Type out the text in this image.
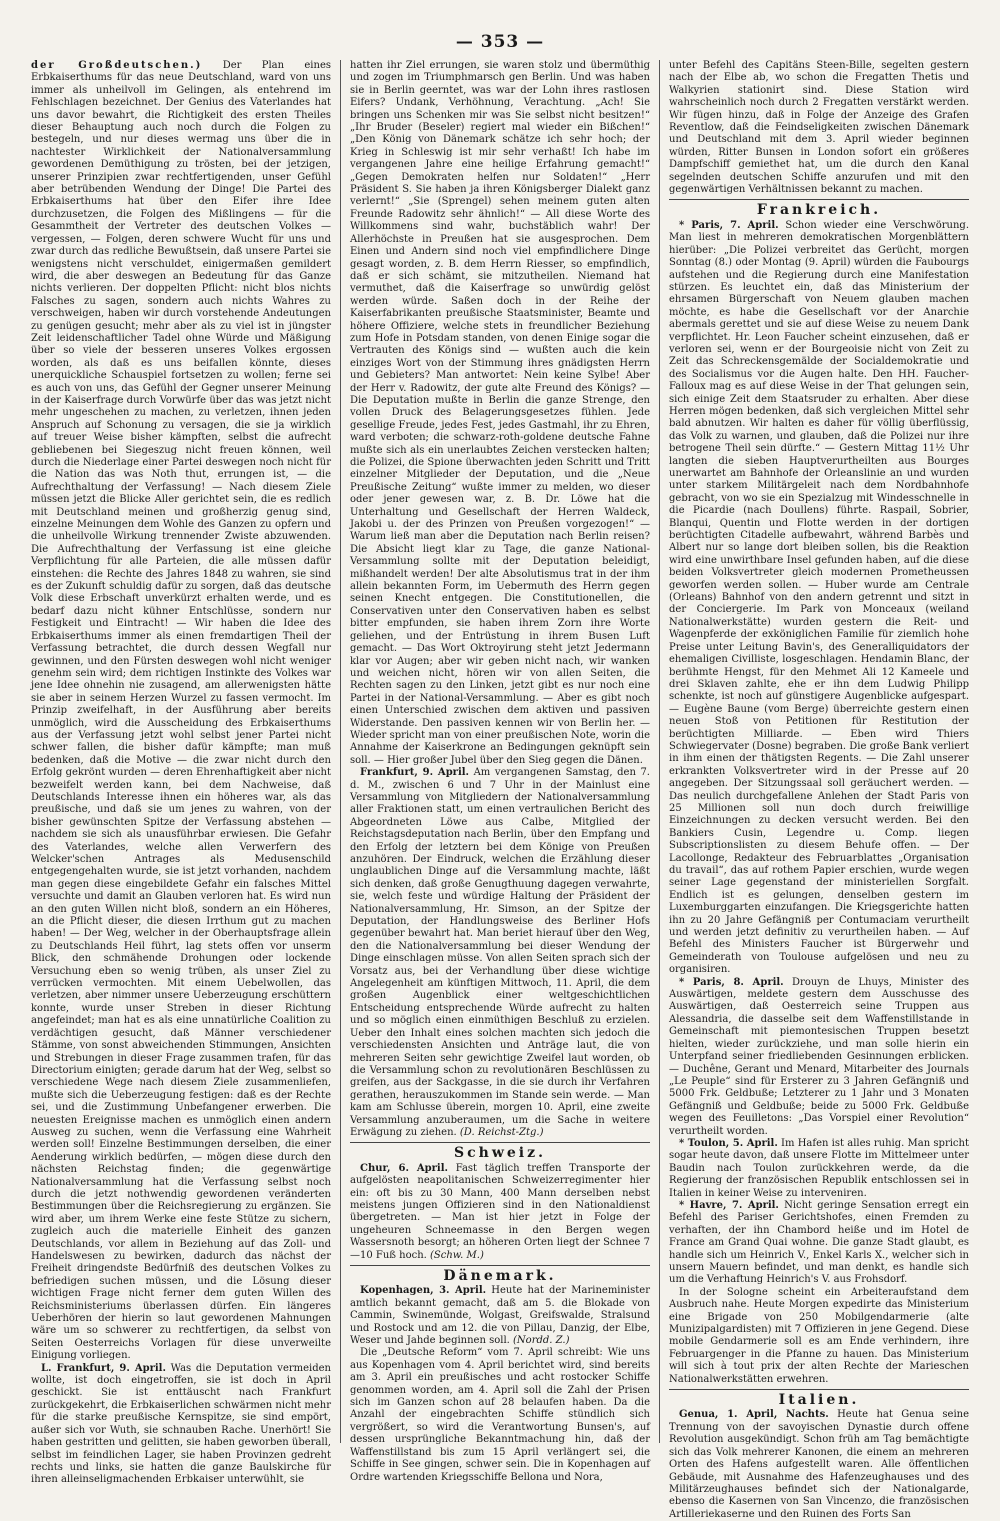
— 353 —

der Großdeutschen.) Der Plan eines Erbkaiserthums für das neue Deutschland, ward von uns immer als unheilvoll im Gelingen, als entehrend im Fehlschlagen bezeichnet. Der Genius des Vaterlandes hat uns davor bewahrt, die Richtigkeit des ersten Theiles dieser Behauptung auch noch durch die Folgen zu bestegeln, und nur dieses wermag uns über die in nachtester Wirklichkeit der Nationalversammlung gewordenen Demüthigung zu trösten, bei der jetzigen, unserer Prinzipien zwar rechtfertigenden, unser Gefühl aber betrübenden Wendung der Dinge! Die Partei des Erbkaiserthums hat über den Eifer ihre Idee durchzusetzen, die Folgen des Mißlingens — für die Gesammtheit der Vertreter des deutschen Volkes — vergessen, — Folgen, deren schwere Wucht für uns und zwar durch das redliche Bewußtsein, daß unsere Partei sie wenigstens nicht verschuldet, einigermaßen gemildert wird, die aber deswegen an Bedeutung für das Ganze nichts verlieren. Der doppelten Pflicht: nicht blos nichts Falsches zu sagen, sondern auch nichts Wahres zu verschweigen, haben wir durch vorstehende Andeutungen zu genügen gesucht; mehr aber als zu viel ist in jüngster Zeit leidenschaftlicher Tadel ohne Würde und Mäßigung über so viele der besseren unseres Volkes ergossen worden, als daß es uns beifallen könnte, dieses unerquickliche Schauspiel fortsetzen zu wollen; ferne sei es auch von uns, das Gefühl der Gegner unserer Meinung in der Kaiserfrage durch Vorwürfe über das was jetzt nicht mehr ungeschehen zu machen, zu verletzen, ihnen jeden Anspruch auf Schonung zu versagen, die sie ja wirklich auf treuer Weise bisher kämpften, selbst die aufrecht gebliebenen bei Siegeszug nicht freuen können, weil durch die Niederlage einer Partei deswegen noch nicht für die Nation das was Noth thut, errungen ist, — die Aufrechthaltung der Verfassung! — Nach diesem Ziele müssen jetzt die Blicke Aller gerichtet sein, die es redlich mit Deutschland meinen und großherzig genug sind, einzelne Meinungen dem Wohle des Ganzen zu opfern und die unheilvolle Wirkung trennender Zwiste abzuwenden. Die Aufrechthaltung der Verfassung ist eine gleiche Verpflichtung für alle Parteien, die alle müssen dafür einstehen: die Rechte des Jahres 1848 zu wahren, sie sind es der Zukunft schuldig dafür zu sorgen, daß das deutsche Volk diese Erbschaft unverkürzt erhalten werde, und es bedarf dazu nicht kühner Entschlüsse, sondern nur Festigkeit und Eintracht! — Wir haben die Idee des Erbkaiserthums immer als einen fremdartigen Theil der Verfassung betrachtet, die durch dessen Wegfall nur gewinnen, und den Fürsten deswegen wohl nicht weniger genehm sein wird; dem richtigen Instinkte des Volkes war jene Idee ohnehin nie zusagend, am allerwenigsten hätte sie aber in seinem Herzen Wurzel zu fassen vermocht. Im Prinzip zweifelhaft, in der Ausführung aber bereits unmöglich, wird die Ausscheidung des Erbkaiserthums aus der Verfassung jetzt wohl selbst jener Partei nicht schwer fallen, die bisher dafür kämpfte; man muß bedenken, daß die Motive — die zwar nicht durch den Erfolg gekrönt wurden — deren Ehrenhaftigkeit aber nicht bezweifelt werden kann, bei dem Nachweise, daß Deutschlands Interesse ihnen ein höheres war, als das preußische, und daß sie um jenes zu wahren, von der bisher gewünschten Spitze der Verfassung abstehen — nachdem sie sich als unausführbar erwiesen. Die Gefahr des Vaterlandes, welche allen Verwerfern des Welcker'schen Antrages als Medusenschild entgegengehalten wurde, sie ist jetzt vorhanden, nachdem man gegen diese eingebildete Gefahr ein falsches Mittel versuchte und damit an Glauben verloren hat. Es wird nun an den guten Willen nicht bloß, sondern an ein Höheres, an die Pflicht dieser, die diesen Irrthum gut zu machen haben! — Der Weg, welcher in der Oberhauptsfrage allein zu Deutschlands Heil führt, lag stets offen vor unserm Blick, den schmähende Drohungen oder lockende Versuchung eben so wenig trüben, als unser Ziel zu verrücken vermochten. Mit einem Uebelwollen, das verletzen, aber nimmer unsere Ueberzeugung erschüttern konnte, wurde unser Streben in dieser Richtung angefeindet; man hat es als eine unnatürliche Coalition zu verdächtigen gesucht, daß Männer verschiedener Stämme, von sonst abweichenden Stimmungen, Ansichten und Strebungen in dieser Frage zusammen trafen, für das Directorium einigten; gerade darum hat der Weg, selbst so verschiedene Wege nach diesem Ziele zusammenliefen, mußte sich die Ueberzeugung festigen: daß es der Rechte sei, und die Zustimmung Unbefangener erwerben. Die neuesten Ereignisse machen es unmöglich einen andern Ausweg zu suchen, wenn die Verfassung eine Wahrheit werden soll! Einzelne Bestimmungen derselben, die einer Aenderung wirklich bedürfen, — mögen diese durch den nächsten Reichstag finden; die gegenwärtige Nationalversammlung hat die Verfassung selbst noch durch die jetzt nothwendig gewordenen veränderten Bestimmungen über die Reichsregierung zu ergänzen. Sie wird aber, um ihrem Werke eine feste Stütze zu sichern, zugleich auch die materielle Einheit des ganzen Deutschlands, vor allem in Beziehung auf das Zoll- und Handelswesen zu bewirken, dadurch das nächst der Freiheit dringendste Bedürfniß des deutschen Volkes zu befriedigen suchen müssen, und die Lösung dieser wichtigen Frage nicht ferner dem guten Willen des Reichsministeriums überlassen dürfen. Ein längeres Ueberhören der hierin so laut gewordenen Mahnungen wäre um so schwerer zu rechtfertigen, da selbst von Seiten Oesterreichs Vorlagen für diese unverweilte Einigung vorliegen.

L. Frankfurt, 9. April. Was die Deputation vermeiden wollte, ist doch eingetroffen, sie ist doch in April geschickt. Sie ist enttäuscht nach Frankfurt zurückgekehrt, die Erbkaiserlichen schwärmen nicht mehr für die starke preußische Kernspitze, sie sind empört, außer sich vor Wuth, sie schnauben Rache. Unerhört! Sie haben gestritten und gelitten, sie haben geworben überall, selbst im feindlichen Lager, sie haben Provinzen gedreht rechts und links, sie hatten die ganze Baulskirche für ihren alleinseligmachenden Erbkaiser unterwühlt, sie

hatten ihr Ziel errungen, sie waren stolz und übermüthig und zogen im Triumphmarsch gen Berlin. Und was haben sie in Berlin geerntet, was war der Lohn ihres rastlosen Eifers? Undank, Verhöhnung, Verachtung. „Ach! Sie bringen uns Schenken mir was Sie selbst nicht besitzen!“ „Ihr Bruder (Beseler) regiert mal wieder ein Bißchen!“ „Den König von Dänemark schätze ich sehr hoch; der Krieg in Schleswig ist mir sehr verhaßt! Ich habe im vergangenen Jahre eine heilige Erfahrung gemacht!“ „Gegen Demokraten helfen nur Soldaten!“ „Herr Präsident S. Sie haben ja ihren Königsberger Dialekt ganz verlernt!“ „Sie (Sprengel) sehen meinem guten alten Freunde Radowitz sehr ähnlich!“ — All diese Worte des Willkommens sind wahr, buchstäblich wahr! Der Allerhöchste in Preußen hat sie ausgesprochen. Dem Einen und Andern sind noch viel empfindlichere Dinge gesagt worden, z. B. dem Herrn Riesser, so empfindlich, daß er sich schämt, sie mitzutheilen. Niemand hat vermuthet, daß die Kaiserfrage so unwürdig gelöst werden würde. Saßen doch in der Reihe der Kaiserfabrikanten preußische Staatsminister, Beamte und höhere Offiziere, welche stets in freundlicher Beziehung zum Hofe in Potsdam standen, von denen Einige sogar die Vertrauten des Königs sind — wußten auch die kein einziges Wort von der Stimmung ihres gnädigsten Herrn und Gebieters? Man antwortet: Nein keine Sylbe! Aber der Herr v. Radowitz, der gute alte Freund des Königs? — Die Deputation mußte in Berlin die ganze Strenge, den vollen Druck des Belagerungsgesetzes fühlen. Jede gesellige Freude, jedes Fest, jedes Gastmahl, ihr zu Ehren, ward verboten; die schwarz-roth-goldene deutsche Fahne mußte sich als ein unerlaubtes Zeichen verstecken halten; die Polizei, die Spione überwachten jeden Schritt und Tritt einzelner Mitglieder der Deputation, und die „Neue Preußische Zeitung“ wußte immer zu melden, wo dieser oder jener gewesen war, z. B. Dr. Löwe hat die Unterhaltung und Gesellschaft der Herren Waldeck, Jakobi u. der des Prinzen von Preußen vorgezogen!“ — Warum ließ man aber die Deputation nach Berlin reisen? Die Absicht liegt klar zu Tage, die ganze National-Versammlung sollte mit der Deputation beleidigt, mißhandelt werden! Der alte Absolutismus trat in der ihm allein bekannten Form, im Uebermuth des Herrn gegen seinen Knecht entgegen. Die Constitutionellen, die Conservativen unter den Conservativen haben es selbst bitter empfunden, sie haben ihrem Zorn ihre Worte geliehen, und der Entrüstung in ihrem Busen Luft gemacht. — Das Wort Oktroyirung steht jetzt Jedermann klar vor Augen; aber wir geben nicht nach, wir wanken und weichen nicht, hören wir von allen Seiten, die Rechten sagen zu den Linken, jetzt gibt es nur noch eine Partei in der National-Versammlung. — Aber es gibt noch einen Unterschied zwischen dem aktiven und passiven Widerstande. Den passiven kennen wir von Berlin her. — Wieder spricht man von einer preußischen Note, worin die Annahme der Kaiserkrone an Bedingungen geknüpft sein soll. — Hier großer Jubel über den Sieg gegen die Dänen.

Frankfurt, 9. April. Am vergangenen Samstag, den 7. d. M., zwischen 6 und 7 Uhr in der Mainlust eine Versammlung von Mitgliedern der Nationalversammlung aller Fraktionen statt, um einen vertraulichen Bericht des Abgeordneten Löwe aus Calbe, Mitglied der Reichstagsdeputation nach Berlin, über den Empfang und den Erfolg der letztern bei dem Könige von Preußen anzuhören. Der Eindruck, welchen die Erzählung dieser unglaublichen Dinge auf die Versammlung machte, läßt sich denken, daß große Genugthuung dagegen verwahrte, sie, welch feste und würdige Haltung der Präsident der Nationalversammlung, Hr. Simson, an der Spitze der Deputation, der Handlungsweise des Berliner Hofs gegenüber bewahrt hat. Man beriet hierauf über den Weg, den die Nationalversammlung bei dieser Wendung der Dinge einschlagen müsse. Von allen Seiten sprach sich der Vorsatz aus, bei der Verhandlung über diese wichtige Angelegenheit am künftigen Mittwoch, 11. April, die dem großen Augenblick einer weltgeschichtlichen Entscheidung entsprechende Würde aufrecht zu halten und so möglich einen einmüthigen Beschluß zu erzielen. Ueber den Inhalt eines solchen machten sich jedoch die verschiedensten Ansichten und Anträge laut, die von mehreren Seiten sehr gewichtige Zweifel laut worden, ob die Versammlung schon zu revolutionären Beschlüssen zu greifen, aus der Sackgasse, in die sie durch ihr Verfahren gerathen, herauszukommen im Stande sein werde. — Man kam am Schlusse überein, morgen 10. April, eine zweite Versammlung anzuberaumen, um die Sache in weitere Erwägung zu ziehen. (D. Reichst-Ztg.)

Schweiz.

Chur, 6. April. Fast täglich treffen Transporte der aufgelösten neapolitanischen Schweizerregimenter hier ein: oft bis zu 30 Mann, 400 Mann derselben nebst meistens jungen Offizieren sind in den Nationaldienst übergetreten. — Man ist hier jetzt in Folge der ungeheuren Schneemasse in den Bergen wegen Wassersnoth besorgt; an höheren Orten liegt der Schnee 7—10 Fuß hoch. (Schw. M.)

Dänemark.

Kopenhagen, 3. April. Heute hat der Marineminister amtlich bekannt gemacht, daß am 5. die Blokade von Cammin, Swinemünde, Wolgast, Greifswalde, Stralsund und Rostock und am 12. die von Pillau, Danzig, der Elbe, Weser und Jahde beginnen soll. (Nordd. Z.)

Die „Deutsche Reform“ vom 7. April schreibt: Wie uns aus Kopenhagen vom 4. April berichtet wird, sind bereits am 3. April ein preußisches und acht rostocker Schiffe genommen worden, am 4. April soll die Zahl der Prisen sich im Ganzen schon auf 28 belaufen haben. Da die Anzahl der eingebrachten Schiffe stündlich sich vergrößert, so wird die Verantwortung Bunsen's, auf dessen ursprüngliche Bekanntmachung hin, daß der Waffenstillstand bis zum 15 April verlängert sei, die Schiffe in See gingen, schwer sein. Die in Kopenhagen auf Ordre wartenden Kriegsschiffe Bellona und Nora,

unter Befehl des Capitäns Steen-Bille, segelten gestern nach der Elbe ab, wo schon die Fregatten Thetis und Walkyrien stationirt sind. Diese Station wird wahrscheinlich noch durch 2 Fregatten verstärkt werden. Wir fügen hinzu, daß in Folge der Anzeige des Grafen Reventlow, daß die Feindseligkeiten zwischen Dänemark und Deutschland mit dem 3. April wieder beginnen würden, Ritter Bunsen in London sofort ein größeres Dampfschiff gemiethet hat, um die durch den Kanal segelnden deutschen Schiffe anzurufen und mit den gegenwärtigen Verhältnissen bekannt zu machen.

Frankreich.

* Paris, 7. April. Schon wieder eine Verschwörung. Man liest in mehreren demokratischen Morgenblättern hierüber: „Die Polizei verbreitet das Gerücht, morgen Sonntag (8.) oder Montag (9. April) würden die Faubourgs aufstehen und die Regierung durch eine Manifestation stürzen. Es leuchtet ein, daß das Ministerium der ehrsamen Bürgerschaft von Neuem glauben machen möchte, es habe die Gesellschaft vor der Anarchie abermals gerettet und sie auf diese Weise zu neuem Dank verpflichtet. Hr. Leon Faucher scheint einzusehen, daß er verloren sei, wenn er der Bourgeoisie nicht von Zeit zu Zeit das Schreckensgemälde der Socialdemokratie und des Socialismus vor die Augen halte. Den HH. Faucher-Falloux mag es auf diese Weise in der That gelungen sein, sich einige Zeit dem Staatsruder zu erhalten. Aber diese Herren mögen bedenken, daß sich vergleichen Mittel sehr bald abnutzen. Wir halten es daher für völlig überflüssig, das Volk zu warnen, und glauben, daß die Polizei nur ihre betrogene Theil sein dürfte.“ — Gestern Mittag 11½ Uhr langten die sieben Hauptverurtheilten aus Bourges unerwartet am Bahnhofe der Orleanslinie an und wurden unter starkem Militärgeleit nach dem Nordbahnhofe gebracht, von wo sie ein Spezialzug mit Windesschnelle in die Picardie (nach Doullens) führte. Raspail, Sobrier, Blanqui, Quentin und Flotte werden in der dortigen berüchtigten Citadelle aufbewahrt, während Barbès und Albert nur so lange dort bleiben sollen, bis die Reaktion wird eine unwirthbare Insel gefunden haben, auf die diese beiden Volksvertreter gleich modernen Prometheussen geworfen werden sollen. — Huber wurde am Centrale (Orleans) Bahnhof von den andern getrennt und sitzt in der Conciergerie. Im Park von Monceaux (weiland Nationalwerkstätte) wurden gestern die Reit- und Wagenpferde der exköniglichen Familie für ziemlich hohe Preise unter Leitung Bavin's, des Generalliquidators der ehemaligen Civilliste, losgeschlagen. Hendamin Blanc, der berühmte Hengst, für den Mehmet Ali 12 Kameele und drei Sklaven zahlte, ehe er ihn dem Ludwig Philipp schenkte, ist noch auf günstigere Augenblicke aufgespart. — Eugène Baune (vom Berge) überreichte gestern einen neuen Stoß von Petitionen für Restitution der berüchtigten Milliarde. — Eben wird Thiers Schwiegervater (Dosne) begraben. Die große Bank verliert in ihm einen der thätigsten Regents. — Die Zahl unserer erkrankten Volksvertreter wird in der Presse auf 20 angegeben. Der Sitzungssaal soll geräuchert werden. — Das neulich durchgefallene Anlehen der Stadt Paris von 25 Millionen soll nun doch durch freiwillige Einzeichnungen zu decken versucht werden. Bei den Bankiers Cusin, Legendre u. Comp. liegen Subscriptionslisten zu diesem Behufe offen. — Der Lacollonge, Redakteur des Februarblattes „Organisation du travail“, das auf rothem Papier erschien, wurde wegen seiner Lage gegenstand der ministeriellen Sorgfalt. Endlich ist es gelungen, denselben gestern im Luxemburggarten einzufangen. Die Kriegsgerichte hatten ihn zu 20 Jahre Gefängniß per Contumaciam verurtheilt und werden jetzt definitiv zu verurtheilen haben. — Auf Befehl des Ministers Faucher ist Bürgerwehr und Gemeinderath von Toulouse aufgelösen und neu zu organisiren.

* Paris, 8. April. Drouyn de Lhuys, Minister des Auswärtigen, meldete gestern dem Ausschusse des Auswärtigen, daß Oesterreich seine Truppen aus Alessandria, die dasselbe seit dem Waffenstillstande in Gemeinschaft mit piemontesischen Truppen besetzt hielten, wieder zurückziehe, und man solle hierin ein Unterpfand seiner friedliebenden Gesinnungen erblicken. — Duchêne, Gerant und Menard, Mitarbeiter des Journals „Le Peuple“ sind für Ersterer zu 3 Jahren Gefängniß und 5000 Frk. Geldbuße; Letzterer zu 1 Jahr und 3 Monaten Gefängniß und Geldbuße; beide zu 5000 Frk. Geldbuße wegen des Feuilletons: „Das Vorspiel einer Revolution“ verurtheilt worden.

* Toulon, 5. April. Im Hafen ist alles ruhig. Man spricht sogar heute davon, daß unsere Flotte im Mittelmeer unter Baudin nach Toulon zurückkehren werde, da die Regierung der französischen Republik entschlossen sei in Italien in keiner Weise zu interveniren.

* Havre, 7. April. Nicht geringe Sensation erregt ein Befehl des Pariser Gerichtshofes, einen Fremden zu verhaften, der ihn Chambord heiße und im Hotel de France am Grand Quai wohne. Die ganze Stadt glaubt, es handle sich um Heinrich V., Enkel Karls X., welcher sich in unsern Mauern befindet, und man denkt, es handle sich um die Verhaftung Heinrich's V. aus Frohsdorf.

In der Sologne scheint ein Arbeiteraufstand dem Ausbruch nahe. Heute Morgen expedirte das Ministerium eine Brigade von 250 Mobilgendarmerie (alte Munizipalgardisten) mit 7 Offizieren in jene Gegend. Diese mobile Gendarmerie soll es am Ende verhindern, ihre Februargenger in die Pfanne zu hauen. Das Ministerium will sich à tout prix der alten Rechte der Marieschen Nationalwerkstätten erwehren.

Italien.

Genua, 1. April, Nachts. Heute hat Genua seine Trennung von der savoyischen Dynastie durch offene Revolution ausgekündigt. Schon früh am Tag bemächtigte sich das Volk mehrerer Kanonen, die einem an mehreren Orten des Hafens aufgestellt waren. Alle öffentlichen Gebäude, mit Ausnahme des Hafenzeughauses und des Militärzeughauses befindet sich der Nationalgarde, ebenso die Kasernen von San Vincenzo, die französischen Artilleriekaserne und den Ruinen des Forts San
